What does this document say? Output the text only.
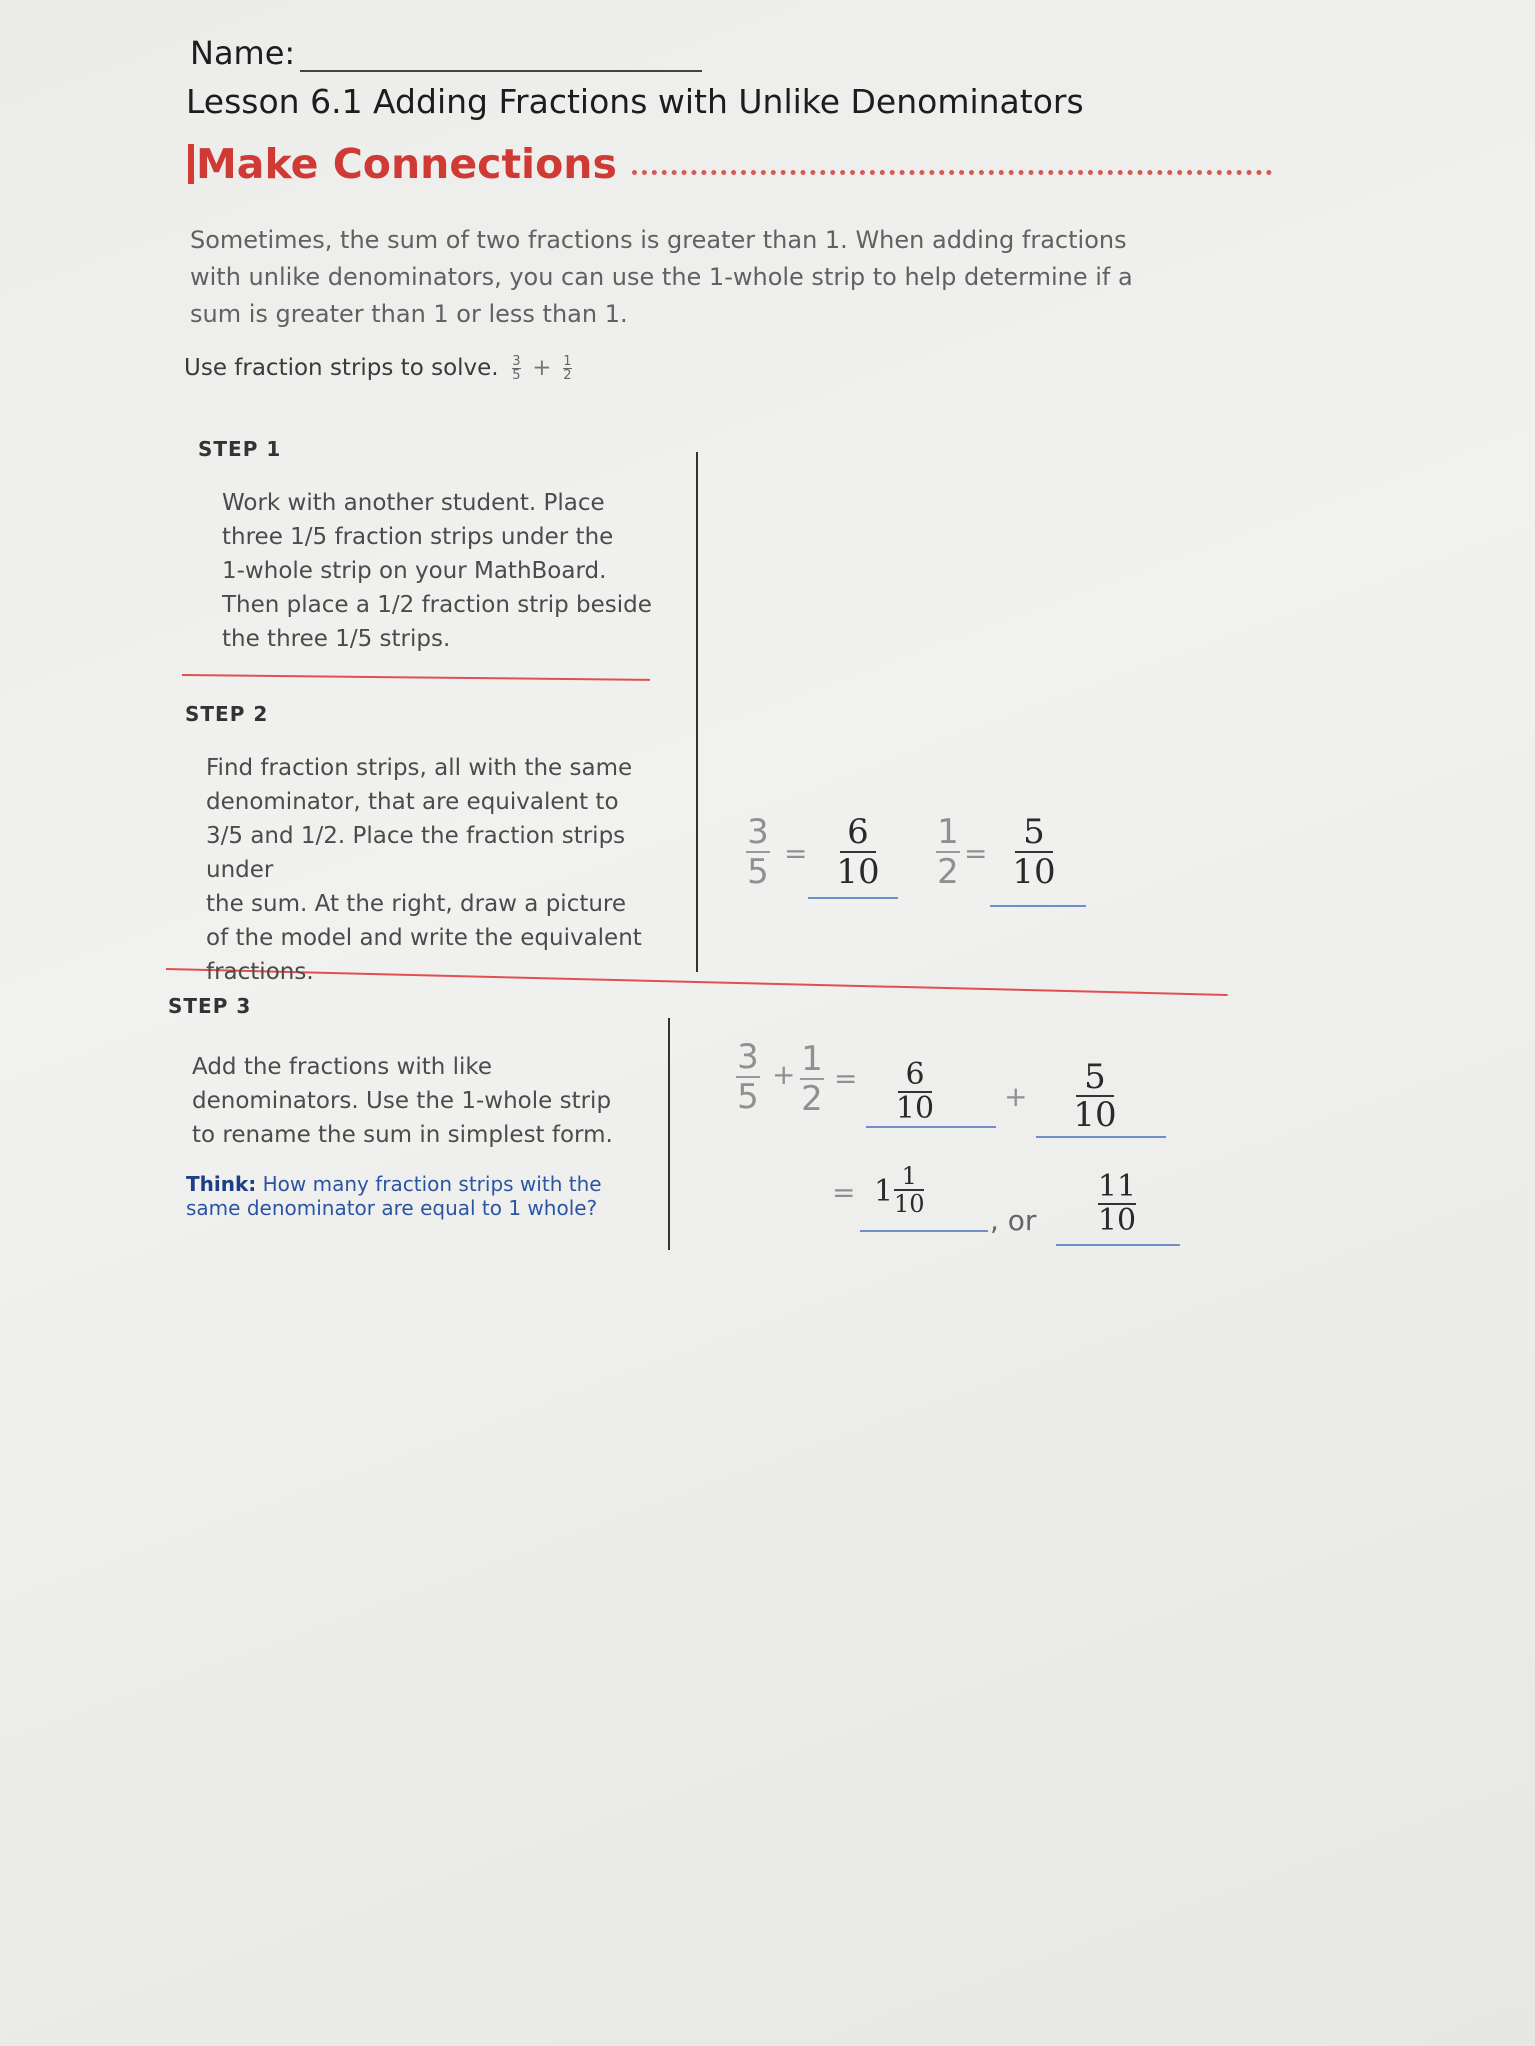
Name:
Lesson 6.1 Adding Fractions with Unlike Denominators
Make Connections
Sometimes, the sum of two fractions is greater than 1. When adding fractions with unlike denominators, you can use the 1-whole strip to help determine if a sum is greater than 1 or less than 1.
Use fraction strips to solve. $\frac{3}{5} + \frac{1}{2}$
STEP 1
Work with another student. Place
three 1/5 fraction strips under the
1-whole strip on your MathBoard.
Then place a 1/2 fraction strip beside
the three 1/5 strips.
STEP 2
Find fraction strips, all with the same
denominator, that are equivalent to
3/5 and 1/2. Place the fraction strips under
the sum. At the right, draw a picture
of the model and write the equivalent
fractions.
3
5 =
6
10
1
2 =
5
10
STEP 3
Add the fractions with like
denominators. Use the 1-whole strip
to rename the sum in simplest form.
Think: How many fraction strips with the same denominator are equal to 1 whole?
3
5
+ 1
2
= 6
10 + 5
10
= 1 1
10 , or
11
10
